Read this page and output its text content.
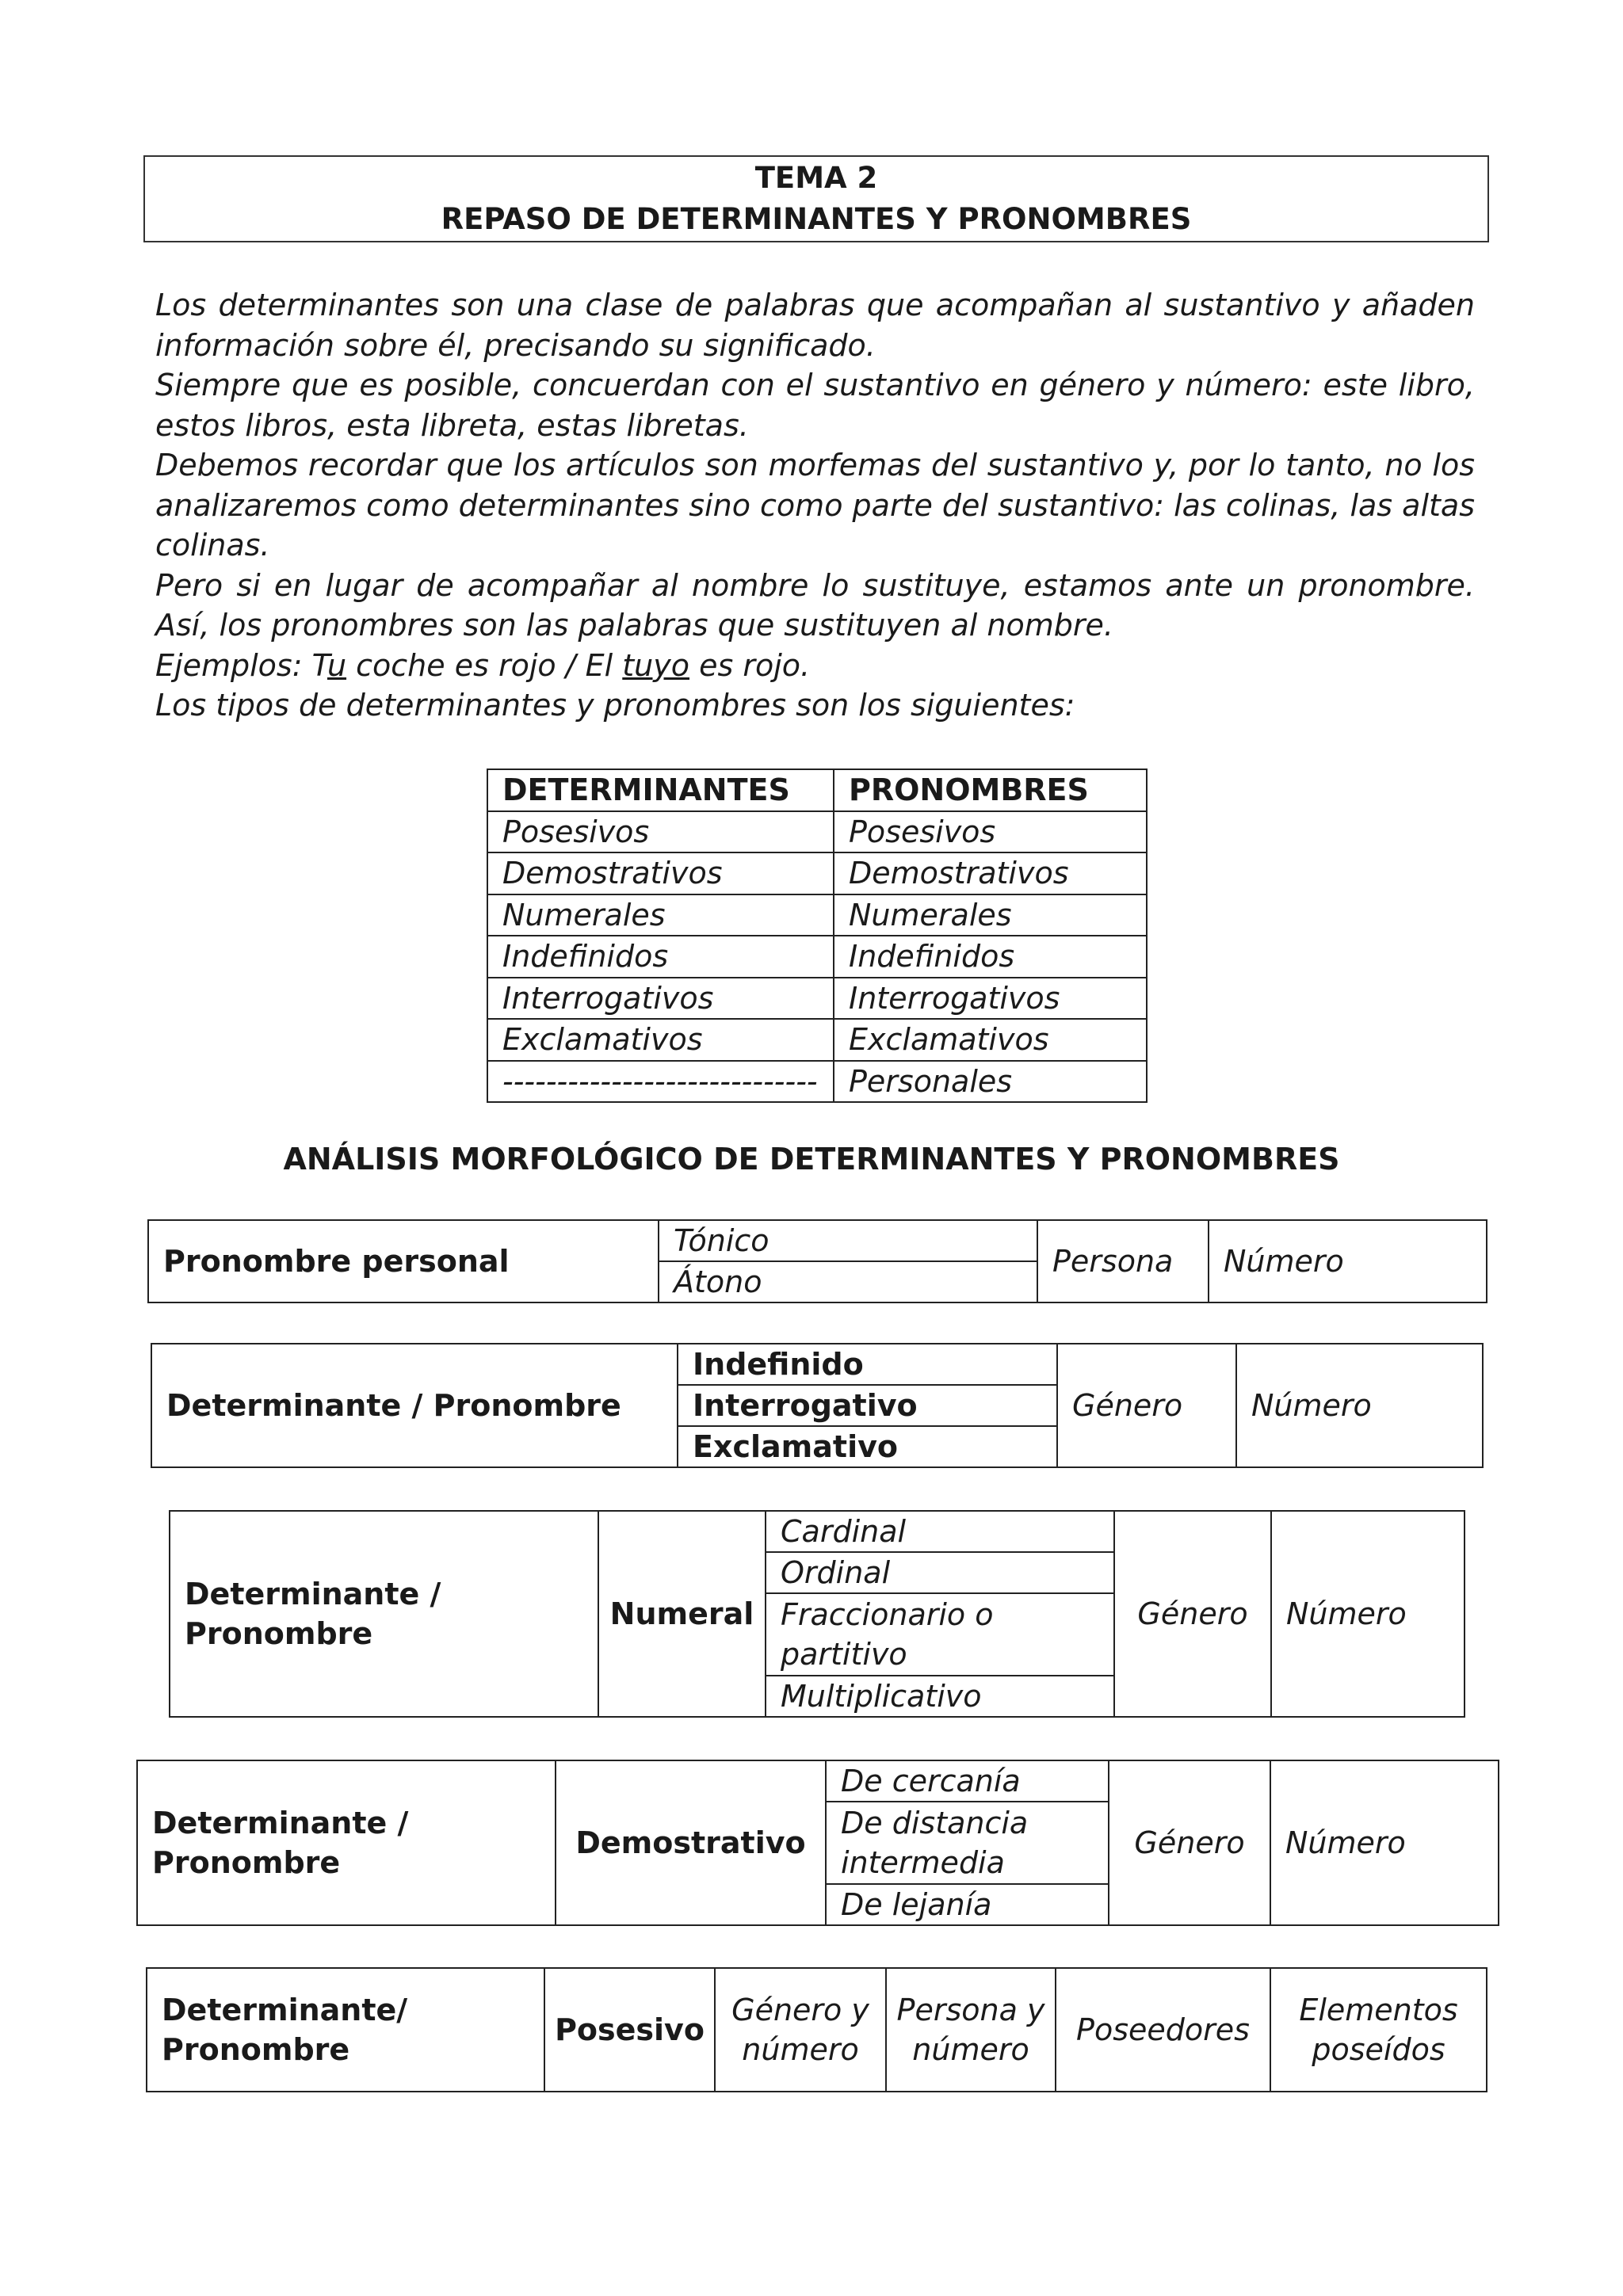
TEMA 2
REPASO DE DETERMINANTES Y PRONOMBRES

Los determinantes son una clase de palabras que acompañan al sustantivo y añaden información sobre él, precisando su significado.

Siempre que es posible, concuerdan con el sustantivo en género y número: este libro, estos libros, esta libreta, estas libretas.

Debemos recordar que los artículos son morfemas del sustantivo y, por lo tanto, no los analizaremos como determinantes sino como parte del sustantivo: las colinas, las altas colinas.

Pero si en lugar de acompañar al nombre lo sustituye, estamos ante un pronombre. Así, los pronombres son las palabras que sustituyen al nombre.

Ejemplos: Tu coche es rojo / El tuyo es rojo.

Los tipos de determinantes y pronombres son los siguientes:

DETERMINANTES	PRONOMBRES
Posesivos	Posesivos
Demostrativos	Demostrativos
Numerales	Numerales
Indefinidos	Indefinidos
Interrogativos	Interrogativos
Exclamativos	Exclamativos
-----------------------------	Personales
ANÁLISIS MORFOLÓGICO DE DETERMINANTES Y PRONOMBRES
Pronombre personal	Tónico	Persona	Número
Átono
Determinante / Pronombre	Indefinido	Género	Número
Interrogativo
Exclamativo
Determinante / Pronombre	Numeral	Cardinal	Género	Número
Ordinal
Fraccionario o partitivo
Multiplicativo
Determinante / Pronombre	Demostrativo	De cercanía	Género	Número
De distancia intermedia
De lejanía
Determinante/ Pronombre	Posesivo	Género y número	Persona y número	Poseedores	Elementos poseídos
